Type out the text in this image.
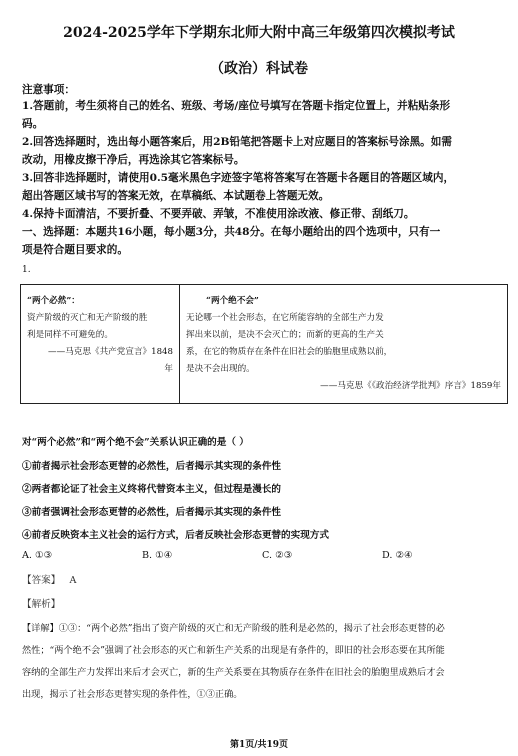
2024-2025学年下学期东北师大附中高三年级第四次模拟考试
（政治）科试卷
注意事项：
1.答题前，考生须将自己的姓名、班级、考场/座位号填写在答题卡指定位置上，并粘贴条形
码。
2.回答选择题时，选出每小题答案后，用2B铅笔把答题卡上对应题目的答案标号涂黑。如需
改动，用橡皮擦干净后，再选涂其它答案标号。
3.回答非选择题时，请使用0.5毫米黑色字迹签字笔将答案写在答题卡各题目的答题区域内，
超出答题区域书写的答案无效，在草稿纸、本试题卷上答题无效。
4.保持卡面清洁，不要折叠、不要弄破、弄皱，不准使用涂改液、修正带、刮纸刀。
一、选择题：本题共16小题，每小题3分，共48分。在每小题给出的四个选项中，只有一
项是符合题目要求的。
1.
“两个必然”：
资产阶级的灭亡和无产阶级的胜
利是同样不可避免的。
——马克思《共产党宣言》1848
年

“两个绝不会”
无论哪一个社会形态，在它所能容纳的全部生产力发
挥出来以前，是决不会灭亡的；而新的更高的生产关
系，在它的物质存在条件在旧社会的胎胞里成熟以前，
是决不会出现的。
——马克思《《政治经济学批判》序言》1859年
对“两个必然”和“两个绝不会”关系认识正确的是（ ）
①前者揭示社会形态更替的必然性，后者揭示其实现的条件性
②两者都论证了社会主义终将代替资本主义，但过程是漫长的
③前者强调社会形态更替的必然性，后者揭示其实现的条件性
④前者反映资本主义社会的运行方式，后者反映社会形态更替的实现方式
A. ①③	B. ①④	C. ②③	D. ②④
【答案】 A
【解析】
【详解】①③：“两个必然”指出了资产阶级的灭亡和无产阶级的胜利是必然的，揭示了社会形态更替的必
然性；“两个绝不会”强调了社会形态的灭亡和新生产关系的出现是有条件的，即旧的社会形态要在其所能
容纳的全部生产力发挥出来后才会灭亡，新的生产关系要在其物质存在条件在旧社会的胎胞里成熟后才会
出现，揭示了社会形态更替实现的条件性，①③正确。
第1页/共19页
